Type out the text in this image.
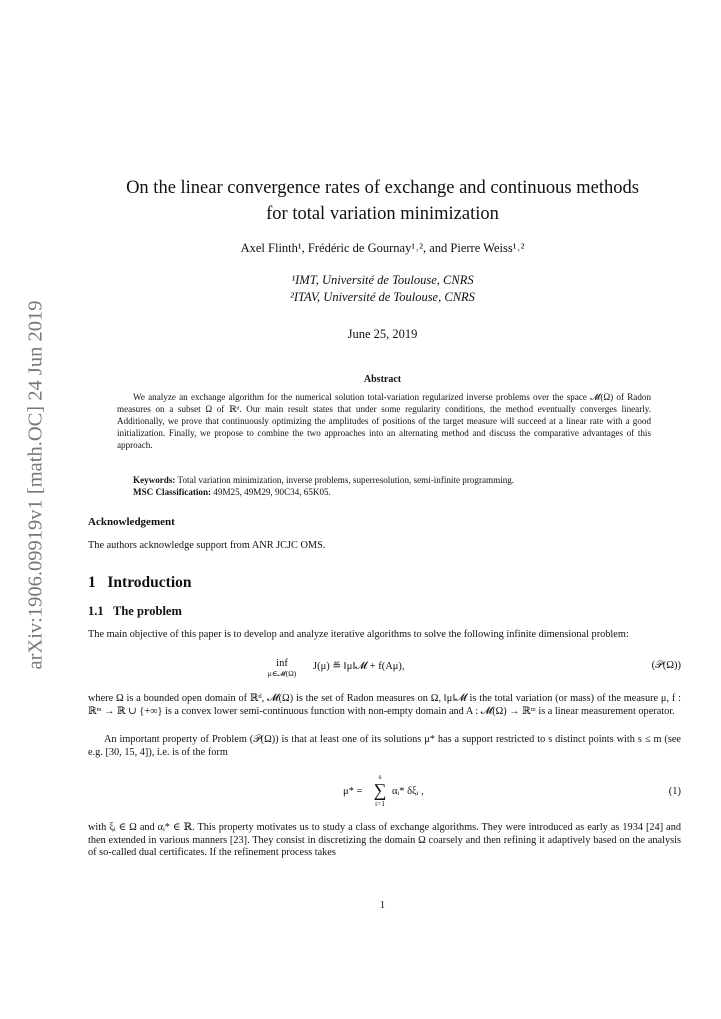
arXiv:1906.09919v1 [math.OC] 24 Jun 2019
On the linear convergence rates of exchange and continuous methods
for total variation minimization
Axel Flinth¹, Frédéric de Gournay¹˒², and Pierre Weiss¹˒²
¹IMT, Université de Toulouse, CNRS
²ITAV, Université de Toulouse, CNRS
June 25, 2019
Abstract
We analyze an exchange algorithm for the numerical solution total-variation regularized inverse problems over the space 𝓜(Ω) of Radon measures on a subset Ω of ℝᵈ. Our main result states that under some regularity conditions, the method eventually converges linearly. Additionally, we prove that continuously optimizing the amplitudes of positions of the target measure will succeed at a linear rate with a good initialization. Finally, we propose to combine the two approaches into an alternating method and discuss the comparative advantages of this approach.
Keywords: Total variation minimization, inverse problems, superresolution, semi-infinite programming.
MSC Classification: 49M25, 49M29, 90C34, 65K05.
Acknowledgement
The authors acknowledge support from ANR JCJC OMS.
1 Introduction
1.1 The problem
The main objective of this paper is to develop and analyze iterative algorithms to solve the following infinite dimensional problem:
inf
μ∈𝓜(Ω)
J(μ) ≝ ‖μ‖𝓜 + f(Aμ),	(𝒫(Ω))
where Ω is a bounded open domain of ℝᵈ, 𝓜(Ω) is the set of Radon measures on Ω, ‖μ‖𝓜 is the total variation (or mass) of the measure μ, f : ℝᵐ → ℝ ∪ {+∞} is a convex lower semi-continuous function with non-empty domain and A : 𝓜(Ω) → ℝᵐ is a linear measurement operator.
An important property of Problem (𝒫(Ω)) is that at least one of its solutions μ* has a support restricted to s distinct points with s ≤ m (see e.g. [30, 15, 4]), i.e. is of the form
μ* =
s
∑
i=1
αᵢ* δξᵢ ,	(1)
with ξᵢ ∈ Ω and αᵢ* ∈ ℝ. This property motivates us to study a class of exchange algorithms. They were introduced as early as 1934 [24] and then extended in various manners [23]. They consist in discretizing the domain Ω coarsely and then refining it adaptively based on the analysis of so-called dual certificates. If the refinement process takes
1
